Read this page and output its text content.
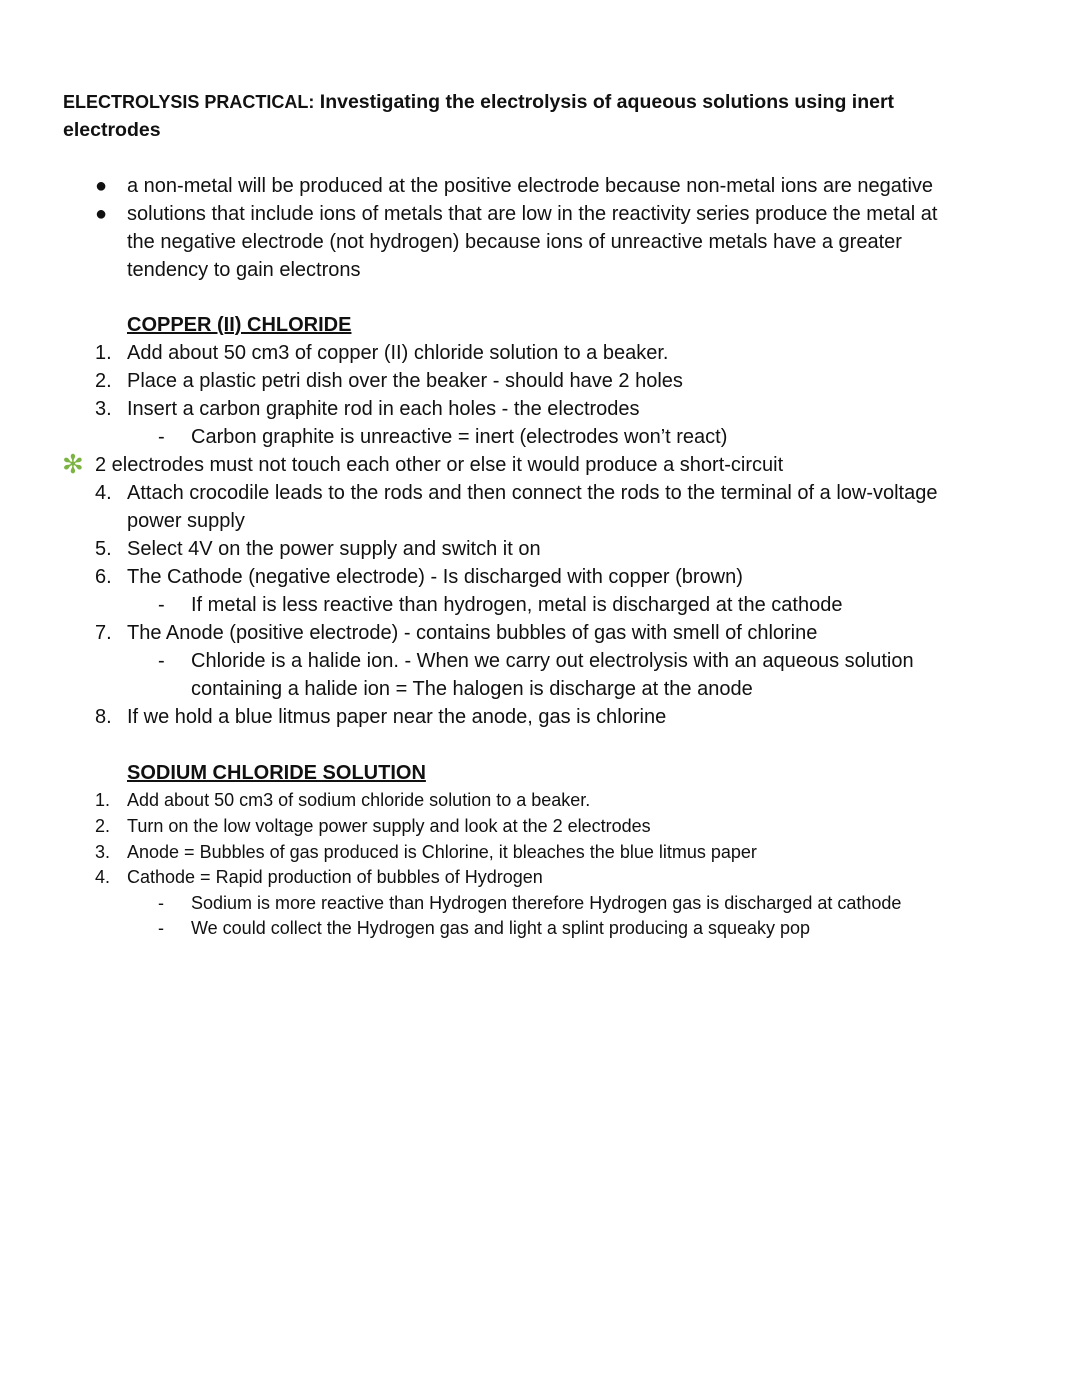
ELECTROLYSIS PRACTICAL: Investigating the electrolysis of aqueous solutions using inert
electrodes
● a non-metal will be produced at the positive electrode because non-metal ions are negative
● solutions that include ions of metals that are low in the reactivity series produce the metal at
the negative electrode (not hydrogen) because ions of unreactive metals have a greater
tendency to gain electrons
COPPER (II) CHLORIDE
1. Add about 50 cm3 of copper (II) chloride solution to a beaker.
2. Place a plastic petri dish over the beaker - should have 2 holes
3. Insert a carbon graphite rod in each holes - the electrodes
- Carbon graphite is unreactive = inert (electrodes won’t react)
✻ 2 electrodes must not touch each other or else it would produce a short-circuit
4. Attach crocodile leads to the rods and then connect the rods to the terminal of a low-voltage
power supply
5. Select 4V on the power supply and switch it on
6. The Cathode (negative electrode) - Is discharged with copper (brown)
- If metal is less reactive than hydrogen, metal is discharged at the cathode
7. The Anode (positive electrode) - contains bubbles of gas with smell of chlorine
- Chloride is a halide ion. - When we carry out electrolysis with an aqueous solution
containing a halide ion = The halogen is discharge at the anode
8. If we hold a blue litmus paper near the anode, gas is chlorine
SODIUM CHLORIDE SOLUTION
1. Add about 50 cm3 of sodium chloride solution to a beaker.
2. Turn on the low voltage power supply and look at the 2 electrodes
3. Anode = Bubbles of gas produced is Chlorine, it bleaches the blue litmus paper
4. Cathode = Rapid production of bubbles of Hydrogen
- Sodium is more reactive than Hydrogen therefore Hydrogen gas is discharged at cathode
- We could collect the Hydrogen gas and light a splint producing a squeaky pop
